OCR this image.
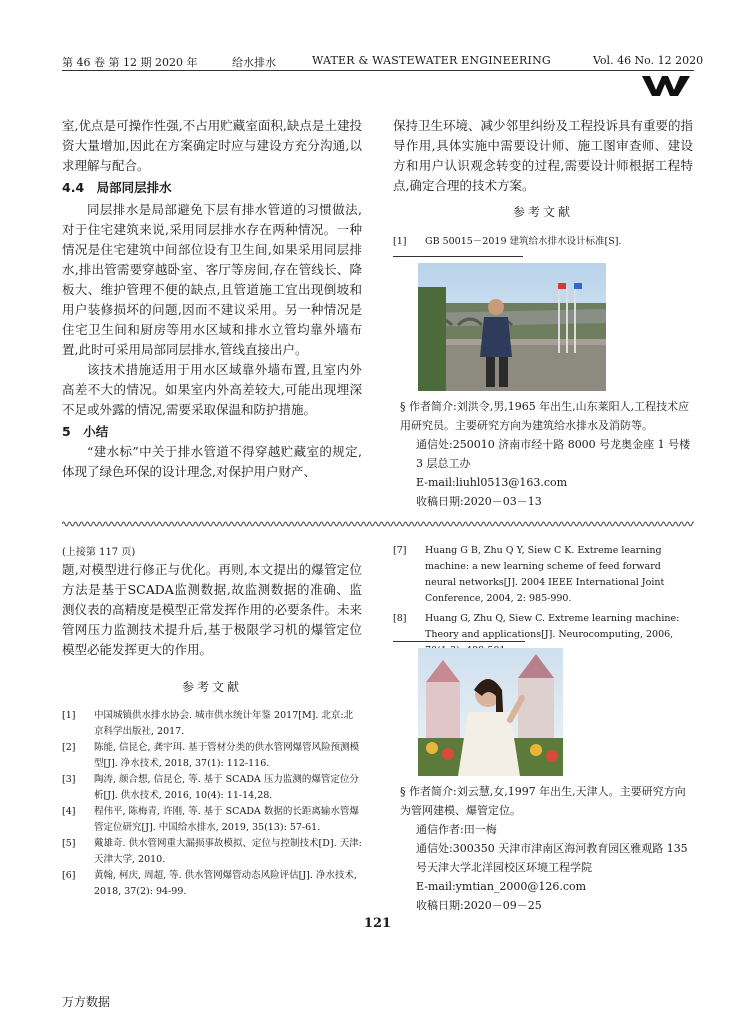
第 46 卷 第 12 期 2020 年	给水排水	WATER & WASTEWATER ENGINEERING	Vol. 46 No. 12 2020

室,优点是可操作性强,不占用贮藏室面积,缺点是土建投资大量增加,因此在方案确定时应与建设方充分沟通,以求理解与配合。

4.4　局部同层排水

同层排水是局部避免下层有排水管道的习惯做法,对于住宅建筑来说,采用同层排水存在两种情况。一种情况是住宅建筑中间部位设有卫生间,如果采用同层排水,排出管需要穿越卧室、客厅等房间,存在管线长、降板大、维护管理不便的缺点,且管道施工宜出现倒坡和用户装修损坏的问题,因而不建议采用。另一种情况是住宅卫生间和厨房等用水区域和排水立管均靠外墙布置,此时可采用局部同层排水,管线直接出户。

该技术措施适用于用水区域靠外墙布置,且室内外高差不大的情况。如果室内外高差较大,可能出现埋深不足或外露的情况,需要采取保温和防护措施。

5　小结

“建水标”中关于排水管道不得穿越贮藏室的规定,体现了绿色环保的设计理念,对保护用户财产、

保持卫生环境、减少邻里纠纷及工程投诉具有重要的指导作用,具体实施中需要设计师、施工图审查师、建设方和用户认识观念转变的过程,需要设计师根据工程特点,确定合理的技术方案。

参考文献
[1] GB 50015－2019 建筑给水排水设计标准[S].

§ 作者简介:刘洪令,男,1965 年出生,山东莱阳人,工程技术应用研究员。主要研究方向为建筑给水排水及消防等。

通信处:250010 济南市经十路 8000 号龙奥金座 1 号楼 3 层总工办

E-mail:liuhl0513@163.com

收稿日期:2020－03－13

(上接第 117 页)

题,对模型进行修正与优化。再则,本文提出的爆管定位方法是基于SCADA监测数据,故监测数据的准确、监测仪表的高精度是模型正常发挥作用的必要条件。未来管网压力监测技术提升后,基于极限学习机的爆管定位模型必能发挥更大的作用。

参考文献
[1] 中国城镇供水排水协会. 城市供水统计年鉴 2017[M]. 北京:北京科学出版社, 2017.
[2] 陈能, 信昆仑, 龚宇珥. 基于管材分类的供水管网爆管风险预测模型[J]. 净水技术, 2018, 37(1): 112-116.
[3] 陶涛, 颜合想, 信昆仑, 等. 基于 SCADA 压力监测的爆管定位分析[J]. 供水技术, 2016, 10(4): 11-14,28.
[4] 程伟平, 陈梅青, 许刚, 等. 基于 SCADA 数据的长距离输水管爆管定位研究[J]. 中国给水排水, 2019, 35(13): 57-61.
[5] 戴雄奇. 供水管网重大漏损事故模拟、定位与控制技术[D]. 天津: 天津大学, 2010.
[6] 黄翰, 柯庆, 周超, 等. 供水管网爆管动态风险评估[J]. 净水技术, 2018, 37(2): 94-99.
[7] Huang G B, Zhu Q Y, Siew C K. Extreme learning machine: a new learning scheme of feed forward neural networks[J]. 2004 IEEE International Joint Conference, 2004, 2: 985-990.
[8] Huang G, Zhu Q, Siew C. Extreme learning machine: Theory and applications[J]. Neurocomputing, 2006,

§ 作者简介:刘云慧,女,1997 年出生,天津人。主要研究方向为管网建模、爆管定位。

通信作者:田一梅

通信处:300350 天津市津南区海河教育园区雅观路 135 号天津大学北洋园校区环境工程学院

E-mail:ymtian_2000@126.com

收稿日期:2020－09－25

121
万方数据
